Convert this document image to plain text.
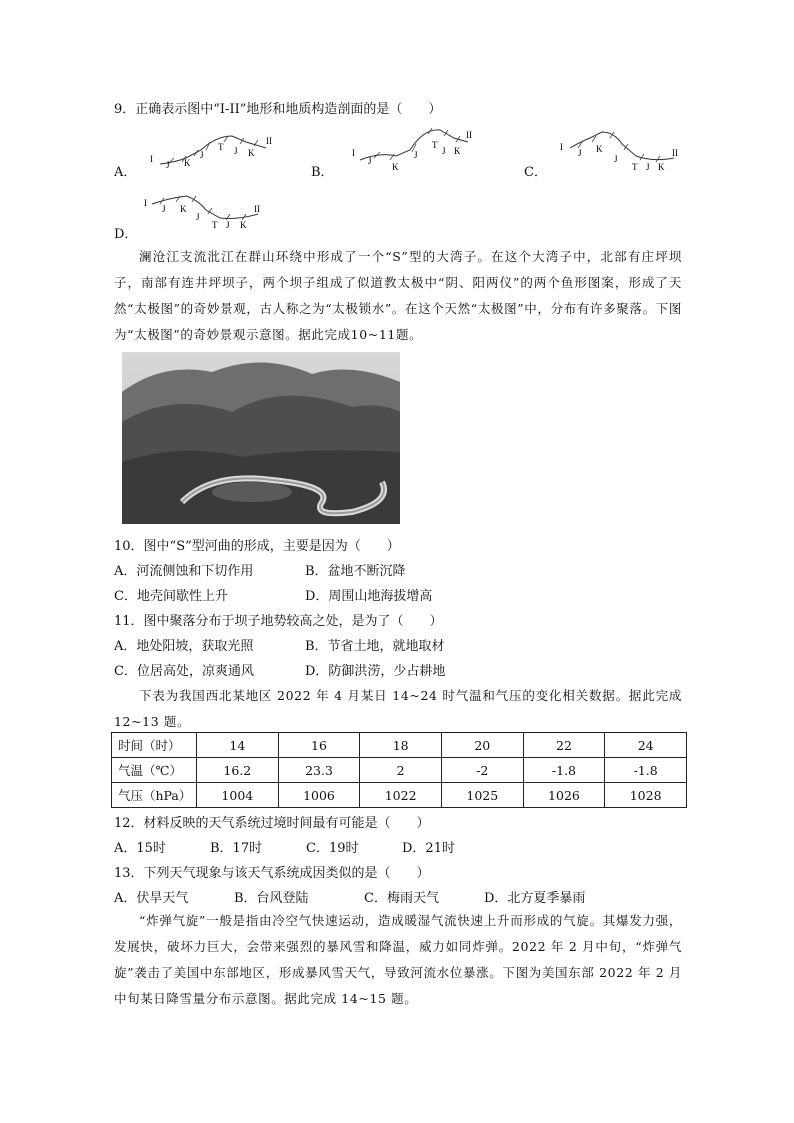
9．正确表示图中“I-II”地形和地质构造剖面的是（　　）
A．
I
J K
J
T J K
II
B．
I
J
K
J
T
J K
II
C．
I
J K
J
T J K
II
D．
I
J K
J
T J K
II
澜沧江支流沘江在群山环绕中形成了一个“S”型的大湾子。在这个大湾子中，北部有庄坪坝子，南部有连井坪坝子，两个坝子组成了似道教太极中“阴、阳两仪”的两个鱼形图案，形成了天然“太极图”的奇妙景观，古人称之为“太极锁水”。在这个天然“太极图”中，分布有许多聚落。下图为“太极图”的奇妙景观示意图。据此完成10~11题。
10．图中“S”型河曲的形成，主要是因为（　　）
A．河流侧蚀和下切作用	B．盆地不断沉降
C．地壳间歇性上升	D．周围山地海拔增高
11．图中聚落分布于坝子地势较高之处，是为了（　　）
A．地处阳坡，获取光照	B．节省土地，就地取材
C．位居高处，凉爽通风	D．防御洪涝，少占耕地
下表为我国西北某地区 2022 年 4 月某日 14~24 时气温和气压的变化相关数据。据此完成 12~13 题。
时间（时）	14	16	18	20	22	24
气温（℃）	16.2	23.3	2	-2	-1.8	-1.8
气压（hPa）	1004	1006	1022	1025	1026	1028
12．材料反映的天气系统过境时间最有可能是（　　）
A．15时	B．17时	C．19时	D．21时
13．下列天气现象与该天气系统成因类似的是（　　）
A．伏旱天气	B．台风登陆	C．梅雨天气	D．北方夏季暴雨
“炸弹气旋”一般是指由冷空气快速运动，造成暖湿气流快速上升而形成的气旋。其爆发力强，发展快，破坏力巨大，会带来强烈的暴风雪和降温，威力如同炸弹。2022 年 2 月中旬，“炸弹气旋”袭击了美国中东部地区，形成暴风雪天气，导致河流水位暴涨。下图为美国东部 2022 年 2 月中旬某日降雪量分布示意图。据此完成 14~15 题。
